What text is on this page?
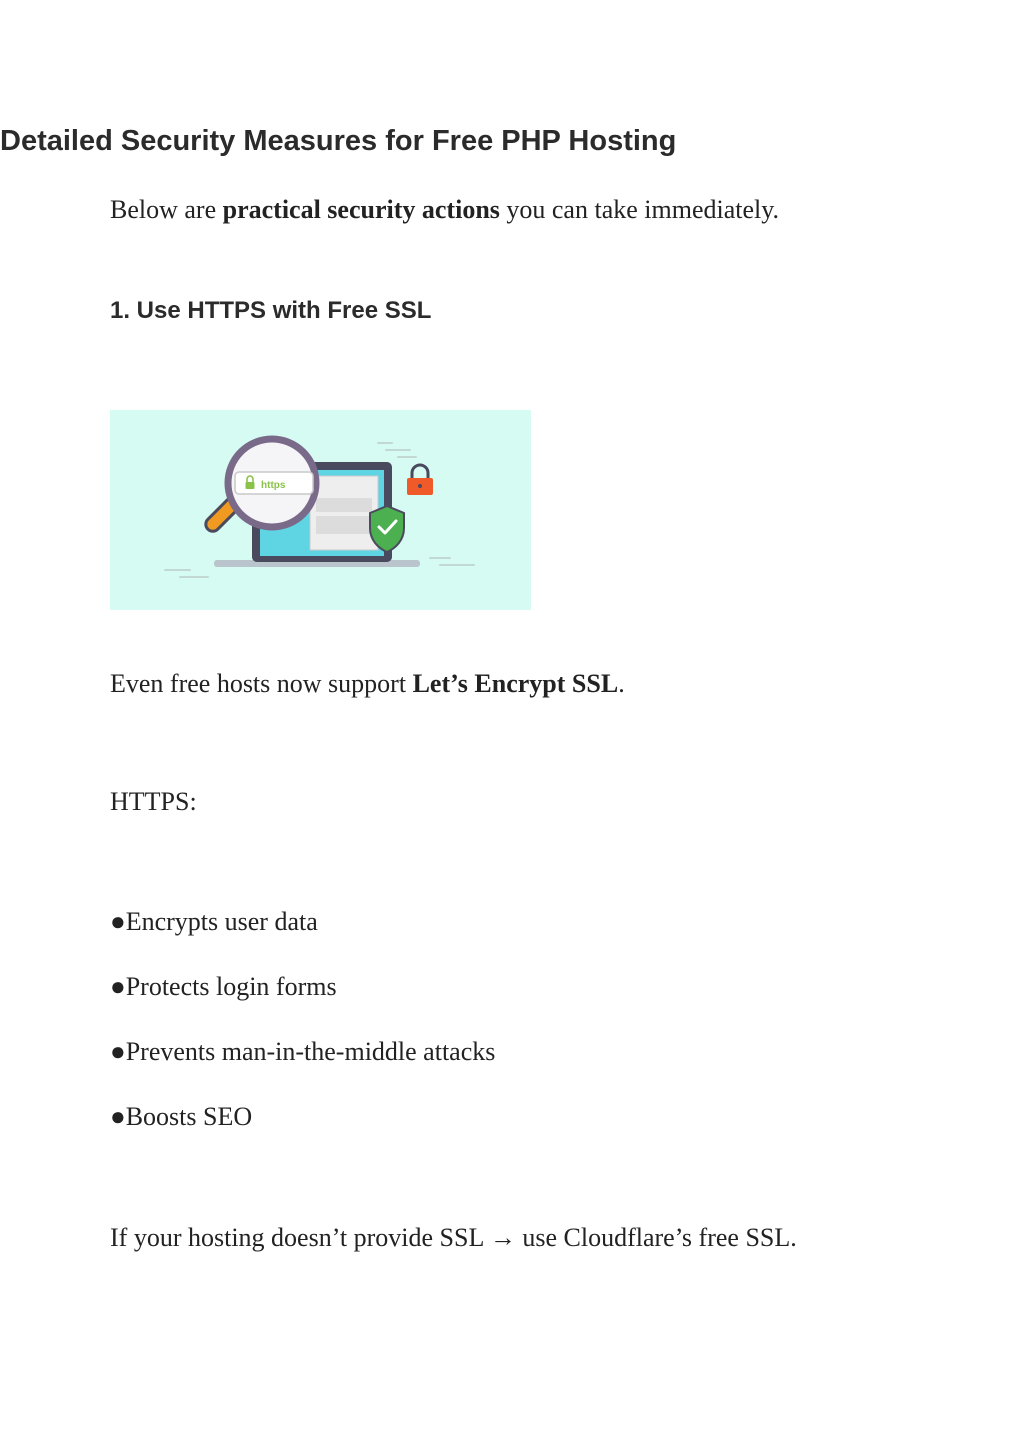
Detailed Security Measures for Free PHP Hosting
Below are practical security actions you can take immediately.
1. Use HTTPS with Free SSL
https
Even free hosts now support Let’s Encrypt SSL.
HTTPS:
●Encrypts user data
●Protects login forms
●Prevents man-in-the-middle attacks
●Boosts SEO
If your hosting doesn’t provide SSL → use Cloudflare’s free SSL.
